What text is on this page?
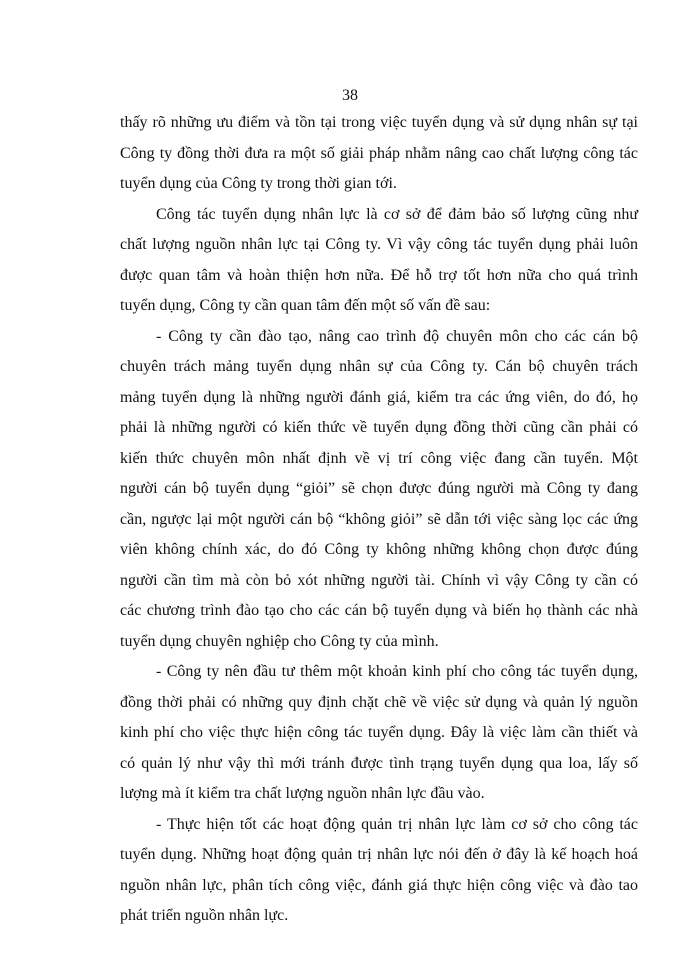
38
thấy rõ những ưu điểm và tồn tại trong việc tuyển dụng và sử dụng nhân sự tại
Công ty đồng thời đưa ra một số giải pháp nhằm nâng cao chất lượng công tác
tuyển dụng của Công ty trong thời gian tới.
Công tác tuyển dụng nhân lực là cơ sở để đảm bảo số lượng cũng như
chất lượng nguồn nhân lực tại Công ty. Vì vậy công tác tuyển dụng phải luôn
được quan tâm và hoàn thiện hơn nữa. Để hỗ trợ tốt hơn nữa cho quá trình
tuyển dụng, Công ty cần quan tâm đến một số vấn đề sau:
- Công ty cần đào tạo, nâng cao trình độ chuyên môn cho các cán bộ
chuyên trách mảng tuyển dụng nhân sự của Công ty. Cán bộ chuyên trách
mảng tuyển dụng là những người đánh giá, kiểm tra các ứng viên, do đó, họ
phải là những người có kiến thức về tuyển dụng đồng thời cũng cần phải có
kiến thức chuyên môn nhất định về vị trí công việc đang cần tuyển. Một
người cán bộ tuyển dụng “giỏi” sẽ chọn được đúng người mà Công ty đang
cần, ngược lại một người cán bộ “không giỏi” sẽ dẫn tới việc sàng lọc các ứng
viên không chính xác, do đó Công ty không những không chọn được đúng
người cần tìm mà còn bỏ xót những người tài. Chính vì vậy Công ty cần có
các chương trình đào tạo cho các cán bộ tuyển dụng và biến họ thành các nhà
tuyển dụng chuyên nghiệp cho Công ty của mình.
- Công ty nên đầu tư thêm một khoản kinh phí cho công tác tuyển dụng,
đồng thời phải có những quy định chặt chẽ về việc sử dụng và quản lý nguồn
kinh phí cho việc thực hiện công tác tuyển dụng. Đây là việc làm cần thiết và
có quản lý như vậy thì mới tránh được tình trạng tuyển dụng qua loa, lấy số
lượng mà ít kiểm tra chất lượng nguồn nhân lực đầu vào.
- Thực hiện tốt các hoạt động quản trị nhân lực làm cơ sở cho công tác
tuyển dụng. Những hoạt động quản trị nhân lực nói đến ở đây là kế hoạch hoá
nguồn nhân lực, phân tích công việc, đánh giá thực hiện công việc và đào tao
phát triển nguồn nhân lực.
